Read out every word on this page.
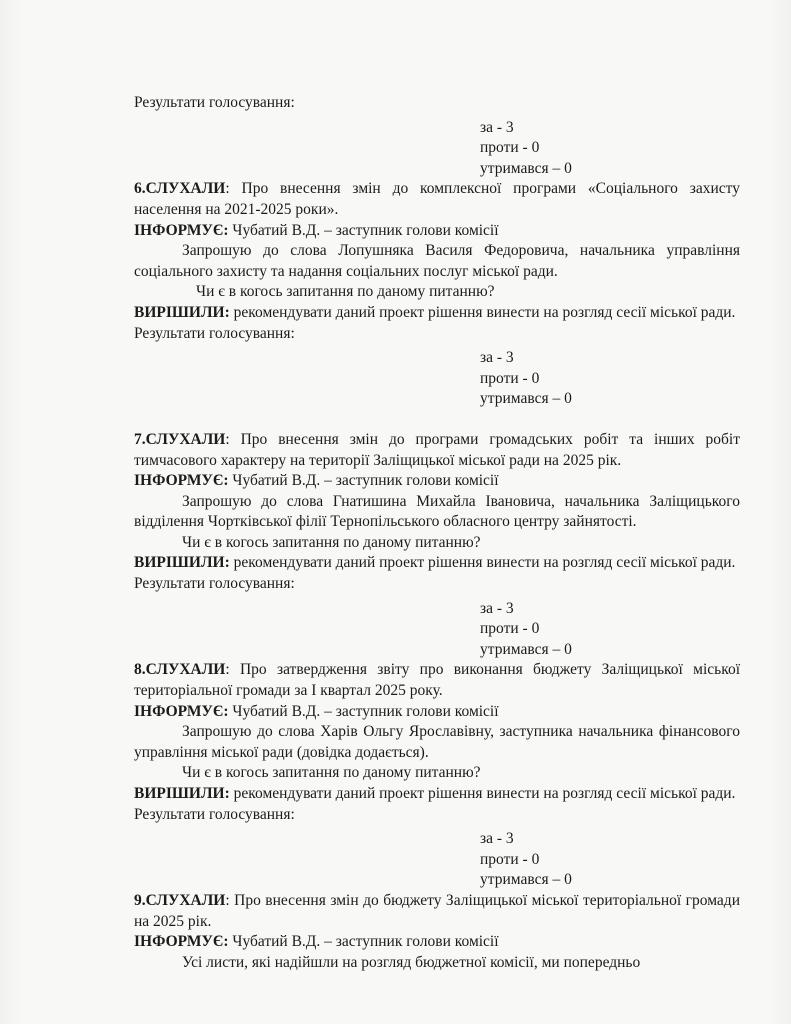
Результати голосування:

за - 3

проти - 0

утримався – 0

6.СЛУХАЛИ: Про внесення змін до комплексної програми «Соціального захисту населення на 2021-2025 роки».

ІНФОРМУЄ: Чубатий В.Д. – заступник голови комісії

Запрошую до слова Лопушняка Василя Федоровича, начальника управління соціального захисту та надання соціальних послуг міської ради.

Чи є в когось запитання по даному питанню?

ВИРІШИЛИ: рекомендувати даний проект рішення винести на розгляд сесії міської ради.

Результати голосування:

за - 3

проти - 0

утримався – 0

7.СЛУХАЛИ: Про внесення змін до програми громадських робіт та інших робіт тимчасового характеру на території Заліщицької міської ради на 2025 рік.

ІНФОРМУЄ: Чубатий В.Д. – заступник голови комісії

Запрошую до слова Гнатишина Михайла Івановича, начальника Заліщицького відділення Чортківської філії Тернопільського обласного центру зайнятості.

Чи є в когось запитання по даному питанню?

ВИРІШИЛИ: рекомендувати даний проект рішення винести на розгляд сесії міської ради.

Результати голосування:

за - 3

проти - 0

утримався – 0

8.СЛУХАЛИ: Про затвердження звіту про виконання бюджету Заліщицької міської територіальної громади за І квартал 2025 року.

ІНФОРМУЄ: Чубатий В.Д. – заступник голови комісії

Запрошую до слова Харів Ольгу Ярославівну, заступника начальника фінансового управління міської ради (довідка додається).

Чи є в когось запитання по даному питанню?

ВИРІШИЛИ: рекомендувати даний проект рішення винести на розгляд сесії міської ради.

Результати голосування:

за - 3

проти - 0

утримався – 0

9.СЛУХАЛИ: Про внесення змін до бюджету Заліщицької міської територіальної громади на 2025 рік.

ІНФОРМУЄ: Чубатий В.Д. – заступник голови комісії

Усі листи, які надійшли на розгляд бюджетної комісії, ми попередньо
